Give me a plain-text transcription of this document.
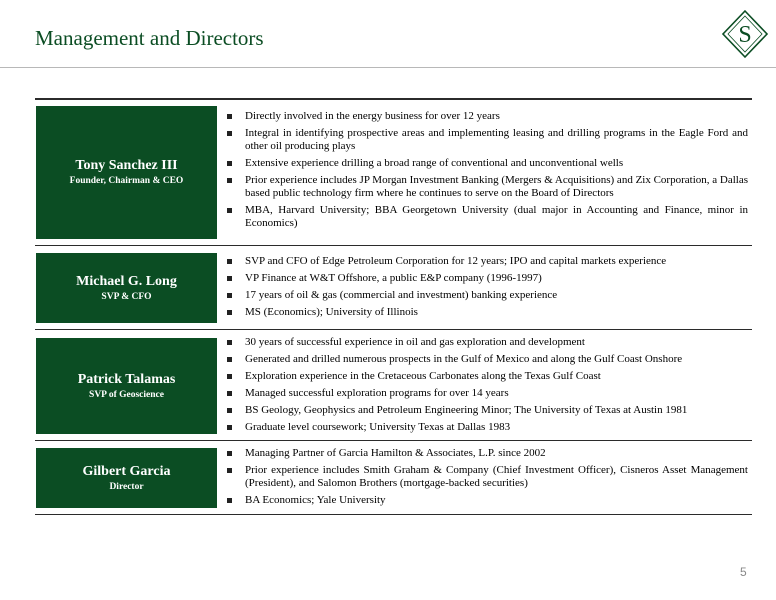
Management and Directors	S
Tony Sanchez III
Founder, Chairman & CEO
Directly involved in the energy business for over 12 years
Integral in identifying prospective areas and implementing leasing and drilling programs in the Eagle Ford and other oil producing plays
Extensive experience drilling a broad range of conventional and unconventional wells
Prior experience includes JP Morgan Investment Banking (Mergers & Acquisitions) and Zix Corporation, a Dallas based public technology firm where he continues to serve on the Board of Directors
MBA, Harvard University; BBA Georgetown University (dual major in Accounting and Finance, minor in Economics)
Michael G. Long
SVP & CFO
SVP and CFO of Edge Petroleum Corporation for 12 years; IPO and capital markets experience
VP Finance at W&T Offshore, a public E&P company (1996-1997)
17 years of oil & gas (commercial and investment) banking experience
MS (Economics); University of Illinois
Patrick Talamas
SVP of Geoscience
30 years of successful experience in oil and gas exploration and development
Generated and drilled numerous prospects in the Gulf of Mexico and along the Gulf Coast Onshore
Exploration experience in the Cretaceous Carbonates along the Texas Gulf Coast
Managed successful exploration programs for over 14 years
BS Geology, Geophysics and Petroleum Engineering Minor; The University of Texas at Austin 1981
Graduate level coursework; University Texas at Dallas 1983
Gilbert Garcia
Director
Managing Partner of Garcia Hamilton & Associates, L.P. since 2002
Prior experience includes Smith Graham & Company (Chief Investment Officer), Cisneros Asset Management (President), and Salomon Brothers (mortgage-backed securities)
BA Economics; Yale University
5
